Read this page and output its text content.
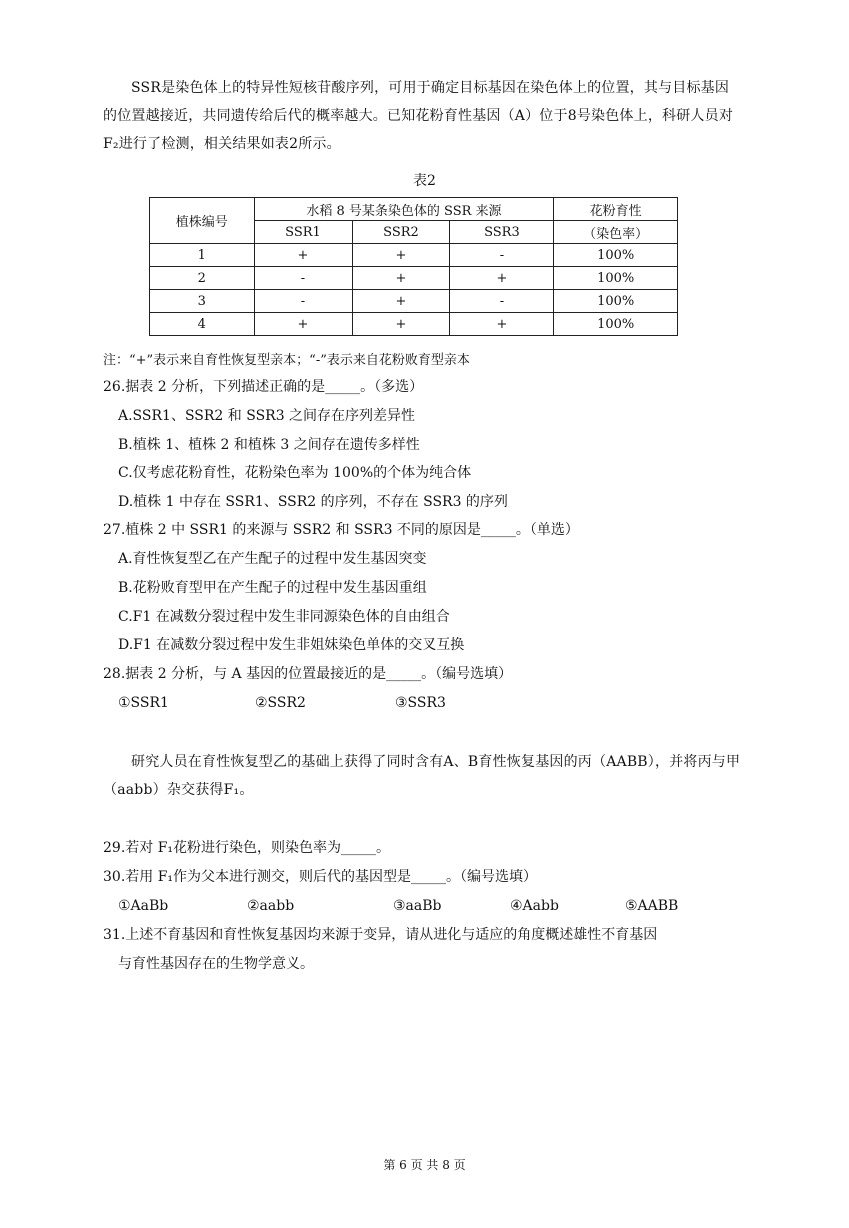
SSR是染色体上的特异性短核苷酸序列，可用于确定目标基因在染色体上的位置，其与目标基因的位置越接近，共同遗传给后代的概率越大。已知花粉育性基因（A）位于8号染色体上，科研人员对F₂进行了检测，相关结果如表2所示。
表2
植株编号	水稻 8 号某条染色体的 SSR 来源			花粉育性
	SSR1	SSR2	SSR3	（染色率）
1	+	+	-	100%
2	-	+	+	100%
3	-	+	-	100%
4	+	+	+	100%
注：“+”表示来自育性恢复型亲本；“-”表示来自花粉败育型亲本
26.据表 2 分析，下列描述正确的是_____。（多选）
A.SSR1、SSR2 和 SSR3 之间存在序列差异性
B.植株 1、植株 2 和植株 3 之间存在遗传多样性
C.仅考虑花粉育性，花粉染色率为 100%的个体为纯合体
D.植株 1 中存在 SSR1、SSR2 的序列，不存在 SSR3 的序列
27.植株 2 中 SSR1 的来源与 SSR2 和 SSR3 不同的原因是_____。（单选）
A.育性恢复型乙在产生配子的过程中发生基因突变
B.花粉败育型甲在产生配子的过程中发生基因重组
C.F1 在减数分裂过程中发生非同源染色体的自由组合
D.F1 在减数分裂过程中发生非姐妹染色单体的交叉互换
28.据表 2 分析，与 A 基因的位置最接近的是_____。（编号选填）
①SSR1	②SSR2	③SSR3
研究人员在育性恢复型乙的基础上获得了同时含有A、B育性恢复基因的丙（AABB），并将丙与甲（aabb）杂交获得F₁。
29.若对 F₁花粉进行染色，则染色率为_____。
30.若用 F₁作为父本进行测交，则后代的基因型是_____。（编号选填）
①AaBb	②aabb	③aaBb	④Aabb	⑤AABB
31.上述不育基因和育性恢复基因均来源于变异，请从进化与适应的角度概述雄性不育基因
与育性基因存在的生物学意义。
第 6 页 共 8 页
